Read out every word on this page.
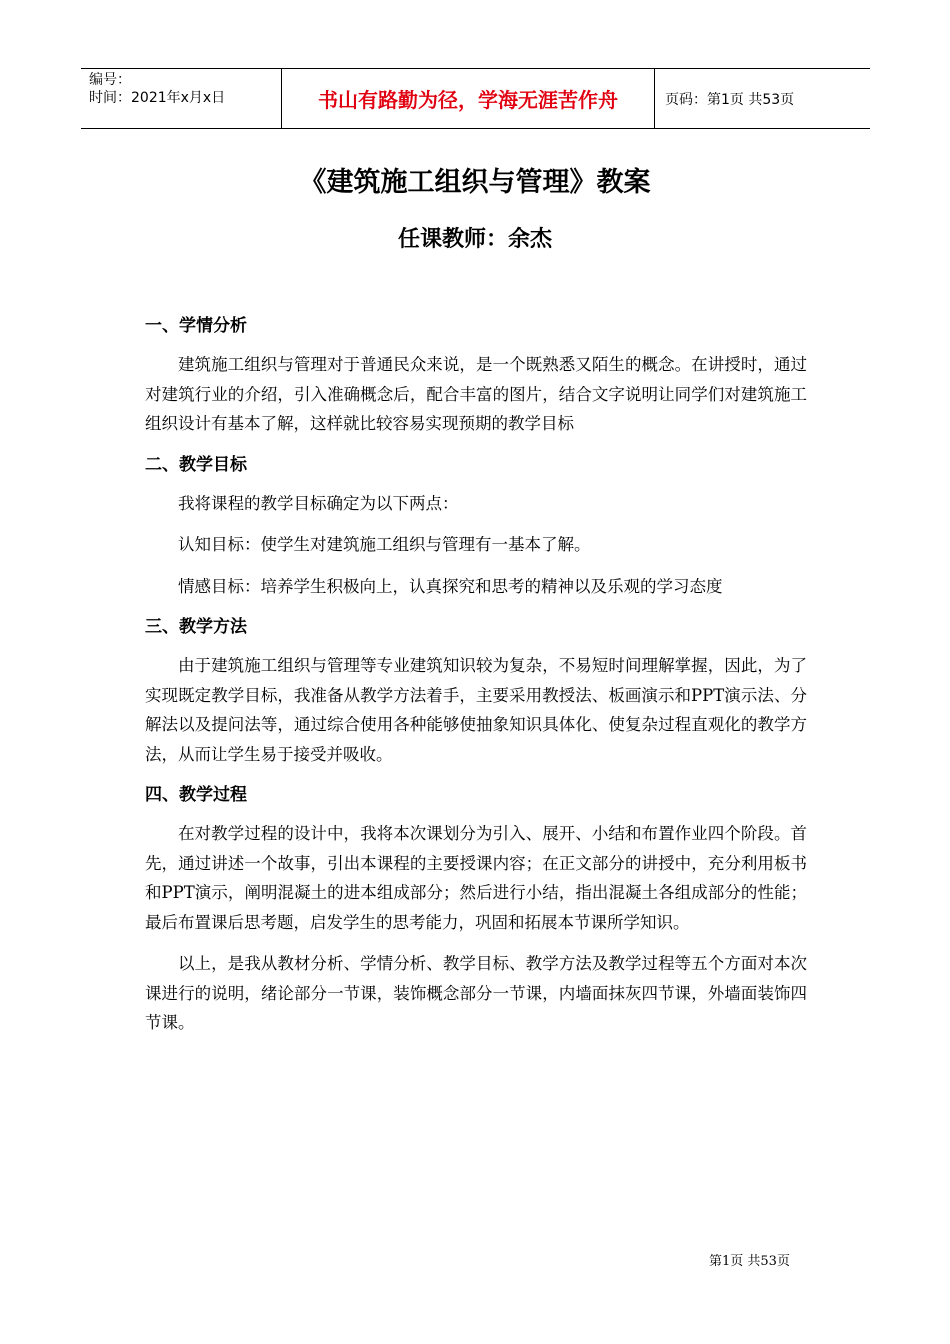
编号：
时间：2021年x月x日	书山有路勤为径，学海无涯苦作舟	页码：第1页 共53页
《建筑施工组织与管理》教案
任课教师：余杰
一、学情分析

建筑施工组织与管理对于普通民众来说，是一个既熟悉又陌生的概念。在讲授时，通过对建筑行业的介绍，引入准确概念后，配合丰富的图片，结合文字说明让同学们对建筑施工组织设计有基本了解，这样就比较容易实现预期的教学目标

二、教学目标

我将课程的教学目标确定为以下两点：

认知目标：使学生对建筑施工组织与管理有一基本了解。

情感目标：培养学生积极向上，认真探究和思考的精神以及乐观的学习态度

三、教学方法

由于建筑施工组织与管理等专业建筑知识较为复杂，不易短时间理解掌握，因此，为了实现既定教学目标，我准备从教学方法着手，主要采用教授法、板画演示和PPT演示法、分解法以及提问法等，通过综合使用各种能够使抽象知识具体化、使复杂过程直观化的教学方法，从而让学生易于接受并吸收。

四、教学过程

在对教学过程的设计中，我将本次课划分为引入、展开、小结和布置作业四个阶段。首先，通过讲述一个故事，引出本课程的主要授课内容；在正文部分的讲授中，充分利用板书和PPT演示，阐明混凝土的进本组成部分；然后进行小结，指出混凝土各组成部分的性能；最后布置课后思考题，启发学生的思考能力，巩固和拓展本节课所学知识。

以上，是我从教材分析、学情分析、教学目标、教学方法及教学过程等五个方面对本次课进行的说明，绪论部分一节课，装饰概念部分一节课，内墙面抹灰四节课，外墙面装饰四节课。

第1页 共53页
